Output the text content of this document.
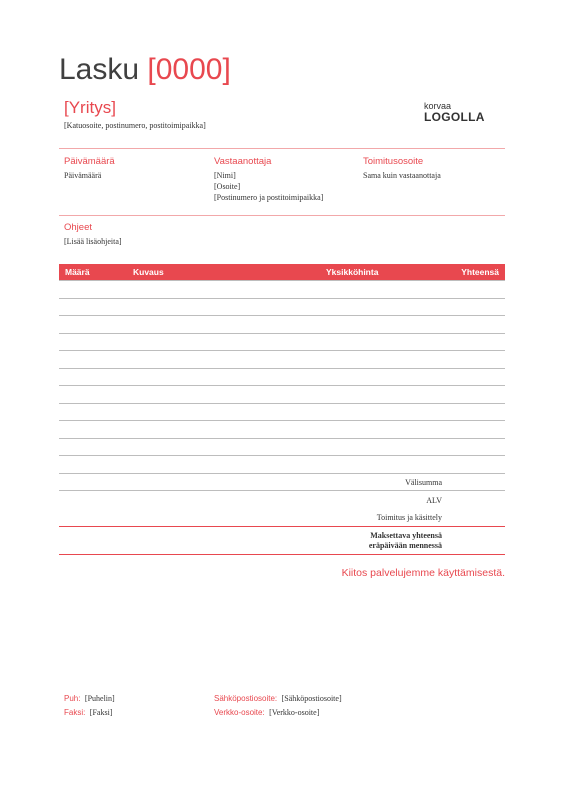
Lasku [0000]
[Yritys]
[Katuosoite, postinumero, postitoimipaikka]
korvaa
LOGOLLA
Päivämäärä
Päivämäärä
Vastaanottaja
[Nimi]
[Osoite]
[Postinumero ja postitoimipaikka]
Toimitusosoite
Sama kuin vastaanottaja
Ohjeet
[Lisää lisäohjeita]
Määrä	Kuvaus	Yksikköhinta	Yhteensä
Välisumma
ALV
Toimitus ja käsittely
Maksettava yhteensä
eräpäivään mennessä
Kiitos palvelujemme käyttämisestä.
Puh: [Puhelin]
Faksi: [Faksi]
Sähköpostiosoite: [Sähköpostiosoite]
Verkko-osoite: [Verkko-osoite]
